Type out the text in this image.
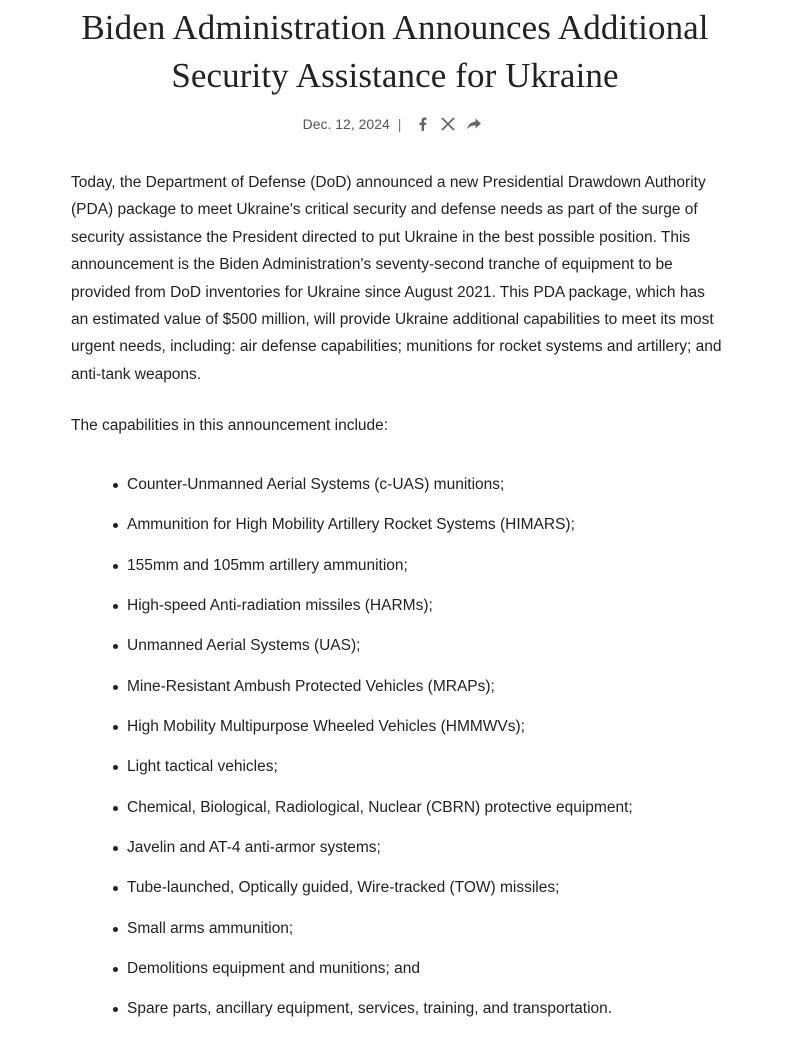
Biden Administration Announces Additional
Security Assistance for Ukraine
Dec. 12, 2024 |

Today, the Department of Defense (DoD) announced a new Presidential Drawdown Authority (PDA) package to meet Ukraine's critical security and defense needs as part of the surge of security assistance the President directed to put Ukraine in the best possible position. This announcement is the Biden Administration's seventy-second tranche of equipment to be provided from DoD inventories for Ukraine since August 2021. This PDA package, which has an estimated value of $500 million, will provide Ukraine additional capabilities to meet its most urgent needs, including: air defense capabilities; munitions for rocket systems and artillery; and anti-tank weapons.

The capabilities in this announcement include:

Counter-Unmanned Aerial Systems (c-UAS) munitions;
Ammunition for High Mobility Artillery Rocket Systems (HIMARS);
155mm and 105mm artillery ammunition;
High-speed Anti-radiation missiles (HARMs);
Unmanned Aerial Systems (UAS);
Mine-Resistant Ambush Protected Vehicles (MRAPs);
High Mobility Multipurpose Wheeled Vehicles (HMMWVs);
Light tactical vehicles;
Chemical, Biological, Radiological, Nuclear (CBRN) protective equipment;
Javelin and AT-4 anti-armor systems;
Tube-launched, Optically guided, Wire-tracked (TOW) missiles;
Small arms ammunition;
Demolitions equipment and munitions; and
Spare parts, ancillary equipment, services, training, and transportation.
